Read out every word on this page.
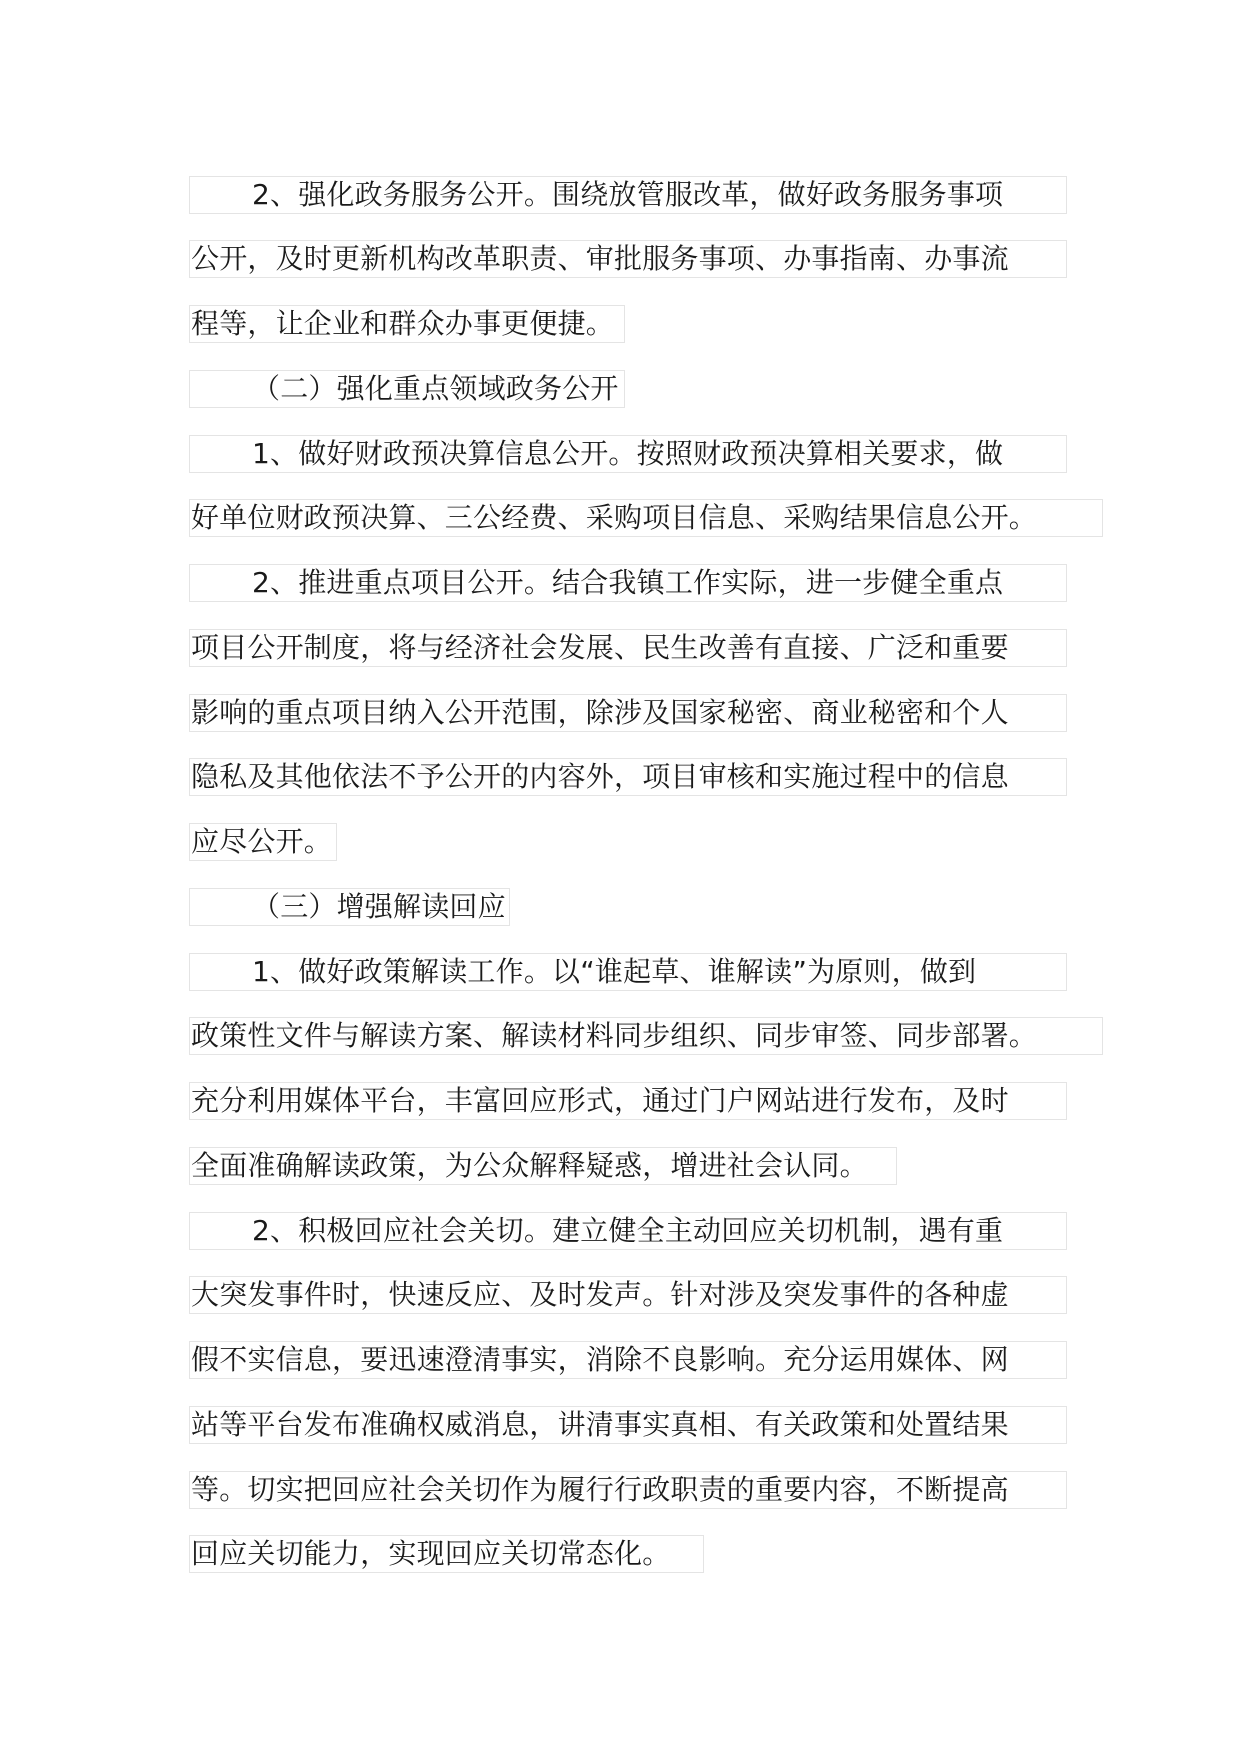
2、强化政务服务公开。围绕放管服改革，做好政务服务事项
公开，及时更新机构改革职责、审批服务事项、办事指南、办事流
程等，让企业和群众办事更便捷。
（二）强化重点领域政务公开
1、做好财政预决算信息公开。按照财政预决算相关要求，做
好单位财政预决算、三公经费、采购项目信息、采购结果信息公开。
2、推进重点项目公开。结合我镇工作实际，进一步健全重点
项目公开制度，将与经济社会发展、民生改善有直接、广泛和重要
影响的重点项目纳入公开范围，除涉及国家秘密、商业秘密和个人
隐私及其他依法不予公开的内容外，项目审核和实施过程中的信息
应尽公开。
（三）增强解读回应
1、做好政策解读工作。以“谁起草、谁解读”为原则，做到
政策性文件与解读方案、解读材料同步组织、同步审签、同步部署。
充分利用媒体平台，丰富回应形式，通过门户网站进行发布，及时
全面准确解读政策，为公众解释疑惑，增进社会认同。
2、积极回应社会关切。建立健全主动回应关切机制，遇有重
大突发事件时，快速反应、及时发声。针对涉及突发事件的各种虚
假不实信息，要迅速澄清事实，消除不良影响。充分运用媒体、网
站等平台发布准确权威消息，讲清事实真相、有关政策和处置结果
等。切实把回应社会关切作为履行行政职责的重要内容，不断提高
回应关切能力，实现回应关切常态化。
